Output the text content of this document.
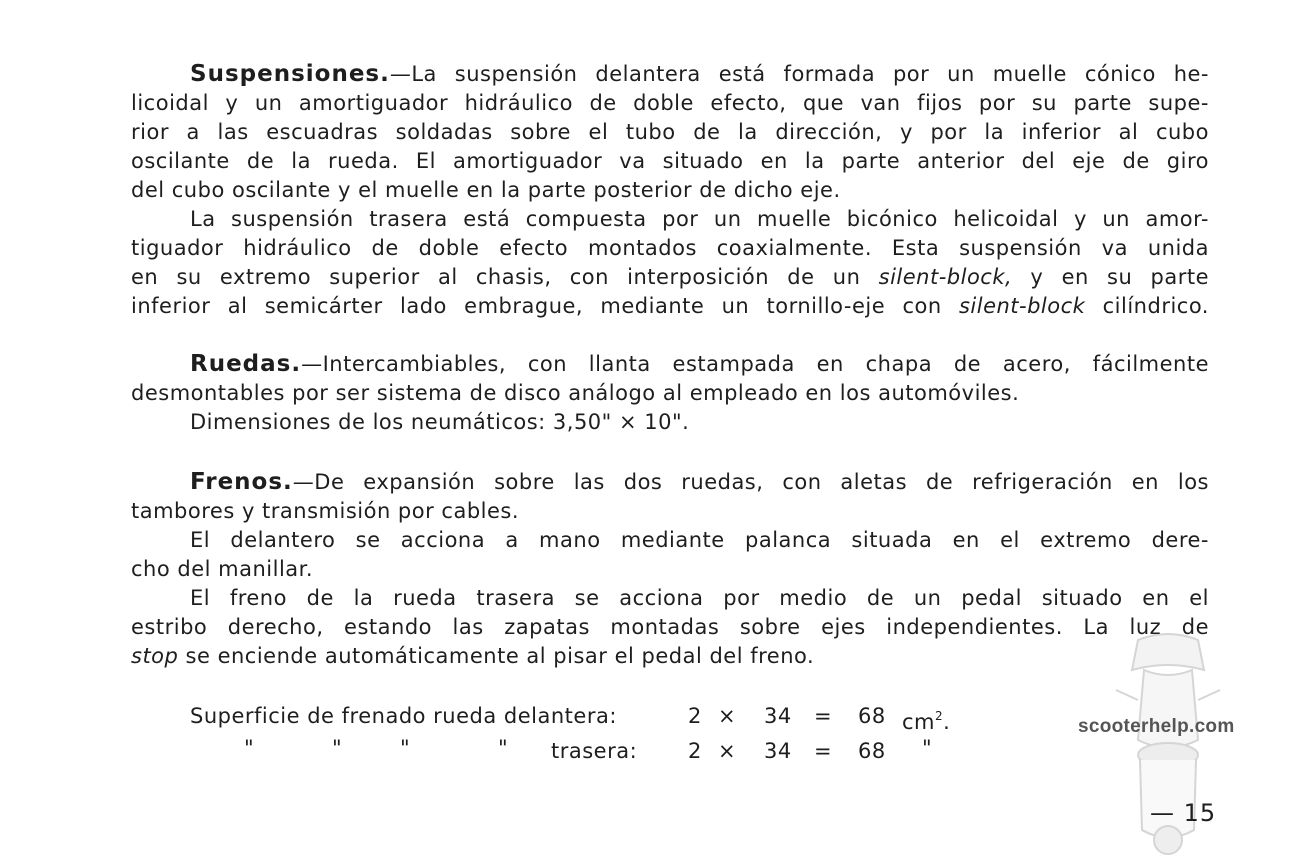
Suspensiones.—La suspensión delantera está formada por un muelle cónico he-
licoidal y un amortiguador hidráulico de doble efecto, que van fijos por su parte supe-
rior a las escuadras soldadas sobre el tubo de la dirección, y por la inferior al cubo
oscilante de la rueda. El amortiguador va situado en la parte anterior del eje de giro
del cubo oscilante y el muelle en la parte posterior de dicho eje.
La suspensión trasera está compuesta por un muelle bicónico helicoidal y un amor-
tiguador hidráulico de doble efecto montados coaxialmente. Esta suspensión va unida
en su extremo superior al chasis, con interposición de un silent-block, y en su parte
inferior al semicárter lado embrague, mediante un tornillo-eje con silent-block cilíndrico.
Ruedas.—Intercambiables, con llanta estampada en chapa de acero, fácilmente
desmontables por ser sistema de disco análogo al empleado en los automóviles.
Dimensiones de los neumáticos: 3,50" × 10".
Frenos.—De expansión sobre las dos ruedas, con aletas de refrigeración en los
tambores y transmisión por cables.
El delantero se acciona a mano mediante palanca situada en el extremo dere-
cho del manillar.
El freno de la rueda trasera se acciona por medio de un pedal situado en el
estribo derecho, estando las zapatas montadas sobre ejes independientes. La luz de
stop se enciende automáticamente al pisar el pedal del freno.
Superficie de frenado rueda delantera:	2 × 34 = 68 $cm^2$.
"	"	"	" trasera: 2 × 34 = 68 "
scooterhelp.com
— 15
